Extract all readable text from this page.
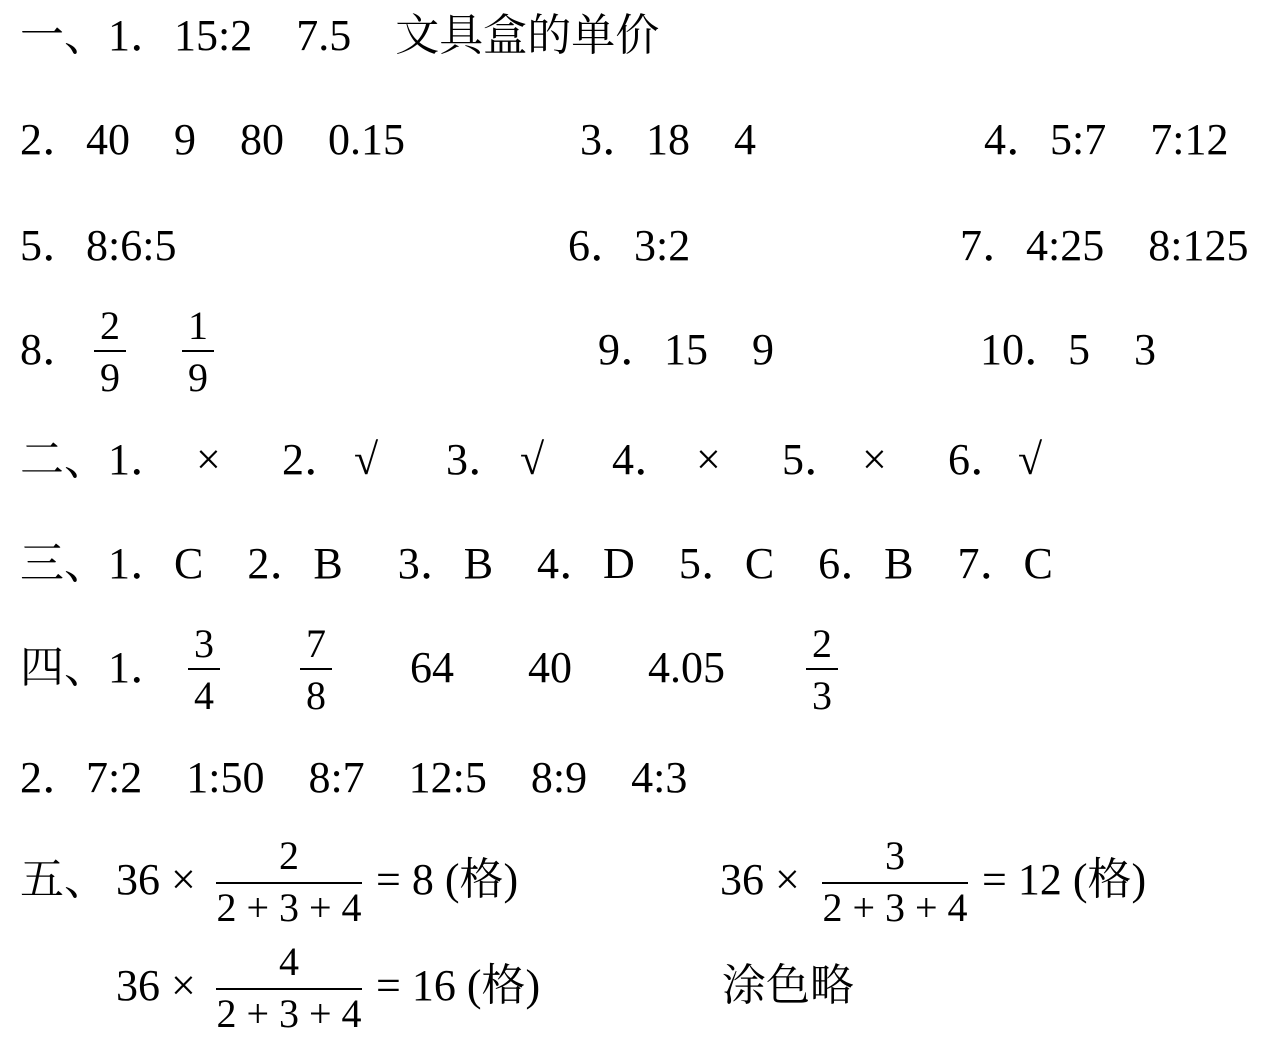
一、1．15:2　7.5　文具盒的单价
2．40　9　80　0.15	3．18　4	4．5:7　7:12
5．8:6:5	6．3:2	7．4:25　8:125
8． 2
9
1
9
9．15　9	10．5　3
二、1． × 2． √ 3． √ 4． × 5． × 6． √
三、1．C　2．B　 3．B　4．D　5．C　6．B　7．C
四、1． 3
4
7
8
64 40 4.05	2
3
2．7:2　1:50　8:7　12:5　8:9　4:3
五、 36 ×	2
2 + 3 + 4
= 8 (格)	36 ×	3
2 + 3 + 4
= 12 (格)
36 ×	4
2 + 3 + 4
= 16 (格)	涂色略
